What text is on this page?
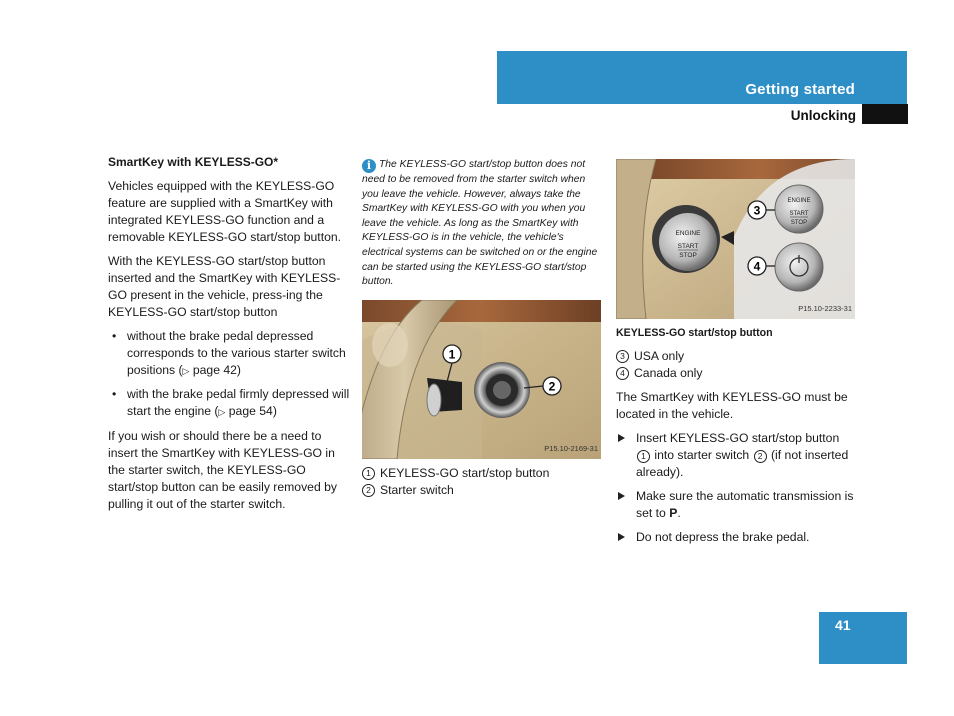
Getting started
Unlocking
SmartKey with KEYLESS-GO*

Vehicles equipped with the KEYLESS-GO feature are supplied with a SmartKey with integrated KEYLESS-GO function and a removable KEYLESS-GO start/stop button.

With the KEYLESS-GO start/stop button inserted and the SmartKey with KEYLESS-GO present in the vehicle, press-ing the KEYLESS-GO start/stop button

• without the brake pedal depressed corresponds to the various starter switch positions (▷ page 42)
• with the brake pedal firmly depressed will start the engine (▷ page 54)

If you wish or should there be a need to insert the SmartKey with KEYLESS-GO in the starter switch, the KEYLESS-GO start/stop button can be easily removed by pulling it out of the starter switch.

i The KEYLESS-GO start/stop button does not need to be removed from the starter switch when you leave the vehicle. However, always take the SmartKey with KEYLESS-GO with you when you leave the vehicle. As long as the SmartKey with KEYLESS-GO is in the vehicle, the vehicle's electrical systems can be switched on or the engine can be started using the KEYLESS-GO start/stop button.

1
2
P15.10-2169-31
1 KEYLESS-GO start/stop button
2 Starter switch
ENGINE
START
STOP
ENGINE
START
STOP
3
4
P15.10-2233-31
KEYLESS-GO start/stop button
3 USA only
4 Canada only

The SmartKey with KEYLESS-GO must be located in the vehicle.

Insert KEYLESS-GO start/stop button 1 into starter switch 2 (if not inserted already).
Make sure the automatic transmission is set to P.
Do not depress the brake pedal.
41
